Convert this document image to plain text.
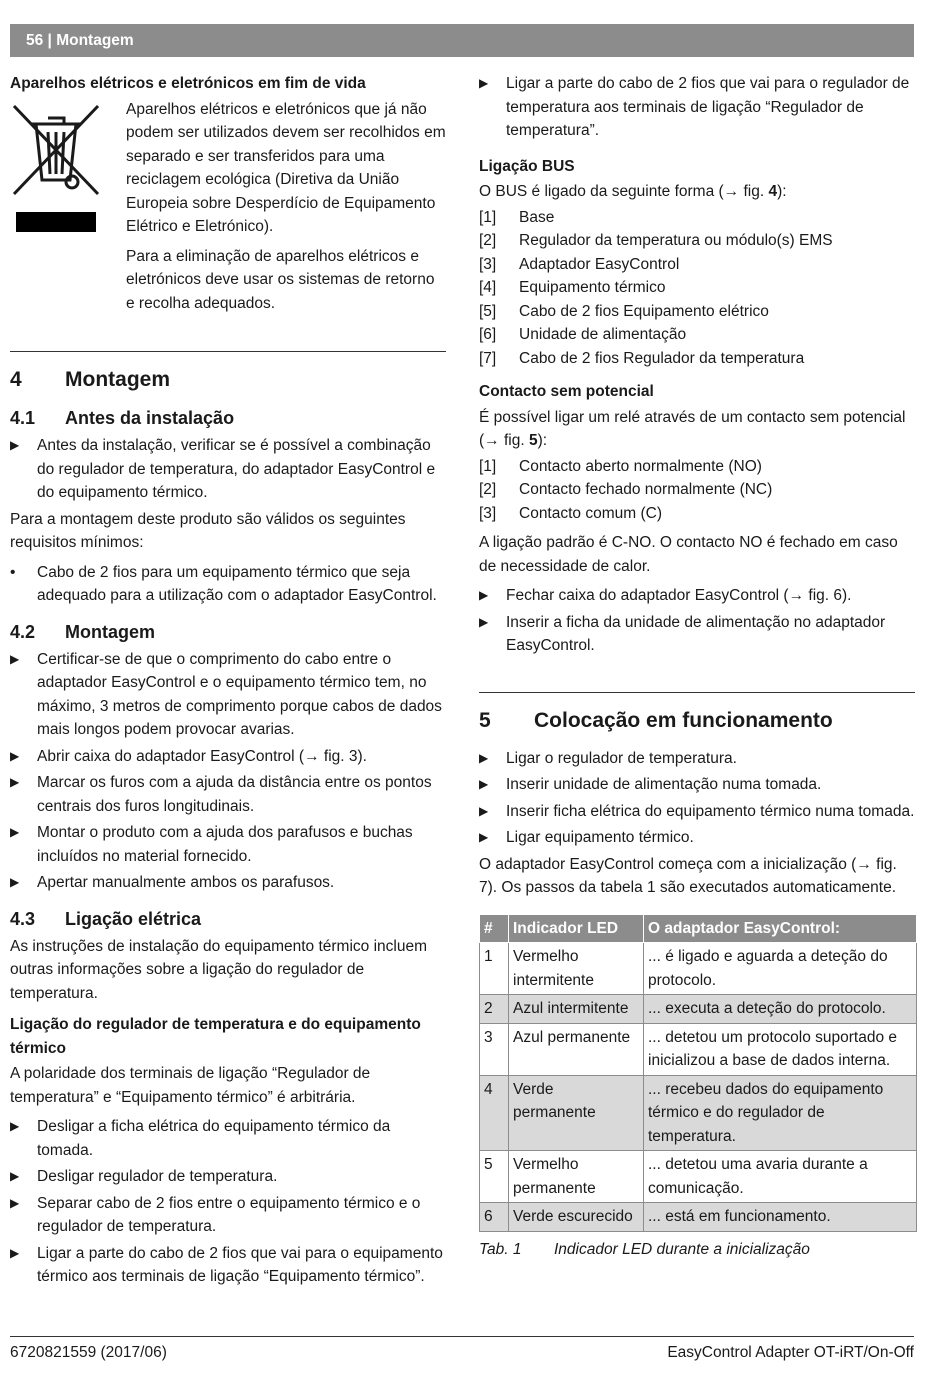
56 | Montagem
Aparelhos elétricos e eletrónicos em fim de vida

Aparelhos elétricos e eletrónicos que já não podem ser utilizados devem ser recolhidos em separado e ser transferidos para uma reciclagem ecológica (Diretiva da União Europeia sobre Desperdício de Equipamento Elétrico e Eletrónico).

Para a eliminação de aparelhos elétricos e eletrónicos deve usar os sistemas de retorno e recolha adequados.

4	Montagem
4.1	Antes da instalação
▶	Antes da instalação, verificar se é possível a combinação do regulador de temperatura, do adaptador EasyControl e do equipamento térmico.

Para a montagem deste produto são válidos os seguintes requisitos mínimos:

•	Cabo de 2 fios para um equipamento térmico que seja adequado para a utilização com o adaptador EasyControl.
4.2	Montagem
▶	Certificar-se de que o comprimento do cabo entre o adaptador EasyControl e o equipamento térmico tem, no máximo, 3 metros de comprimento porque cabos de dados mais longos podem provocar avarias.
▶	Abrir caixa do adaptador EasyControl (→ fig. 3).
▶	Marcar os furos com a ajuda da distância entre os pontos centrais dos furos longitudinais.
▶	Montar o produto com a ajuda dos parafusos e buchas incluídos no material fornecido.
▶	Apertar manualmente ambos os parafusos.
4.3	Ligação elétrica

As instruções de instalação do equipamento térmico incluem outras informações sobre a ligação do regulador de temperatura.

Ligação do regulador de temperatura e do equipamento térmico

A polaridade dos terminais de ligação “Regulador de temperatura” e “Equipamento térmico” é arbitrária.

▶	Desligar a ficha elétrica do equipamento térmico da tomada.
▶	Desligar regulador de temperatura.
▶	Separar cabo de 2 fios entre o equipamento térmico e o regulador de temperatura.
▶	Ligar a parte do cabo de 2 fios que vai para o equipamento térmico aos terminais de ligação “Equipamento térmico”.
▶	Ligar a parte do cabo de 2 fios que vai para o regulador de temperatura aos terminais de ligação “Regulador de temperatura”.
Ligação BUS

O BUS é ligado da seguinte forma (→ fig. 4):

[1]	Base
[2]	Regulador da temperatura ou módulo(s) EMS
[3]	Adaptador EasyControl
[4]	Equipamento térmico
[5]	Cabo de 2 fios Equipamento elétrico
[6]	Unidade de alimentação
[7]	Cabo de 2 fios Regulador da temperatura
Contacto sem potencial

É possível ligar um relé através de um contacto sem potencial (→ fig. 5):

[1]	Contacto aberto normalmente (NO)
[2]	Contacto fechado normalmente (NC)
[3]	Contacto comum (C)

A ligação padrão é C-NO. O contacto NO é fechado em caso de necessidade de calor.

▶	Fechar caixa do adaptador EasyControl (→ fig. 6).
▶	Inserir a ficha da unidade de alimentação no adaptador EasyControl.
5	Colocação em funcionamento
▶	Ligar o regulador de temperatura.
▶	Inserir unidade de alimentação numa tomada.
▶	Inserir ficha elétrica do equipamento térmico numa tomada.
▶	Ligar equipamento térmico.

O adaptador EasyControl começa com a inicialização (→ fig. 7). Os passos da tabela 1 são executados automaticamente.

#	Indicador LED	O adaptador EasyControl:
1	Vermelho intermitente	... é ligado e aguarda a deteção do protocolo.
2	Azul intermitente	... executa a deteção do protocolo.
3	Azul permanente	... detetou um protocolo suportado e inicializou a base de dados interna.
4	Verde permanente	... recebeu dados do equipamento térmico e do regulador de temperatura.
5	Vermelho permanente	... detetou uma avaria durante a comunicação.
6	Verde escurecido	... está em funcionamento.
Tab. 1	Indicador LED durante a inicialização
6720821559 (2017/06)	EasyControl Adapter OT-iRT/On-Off
